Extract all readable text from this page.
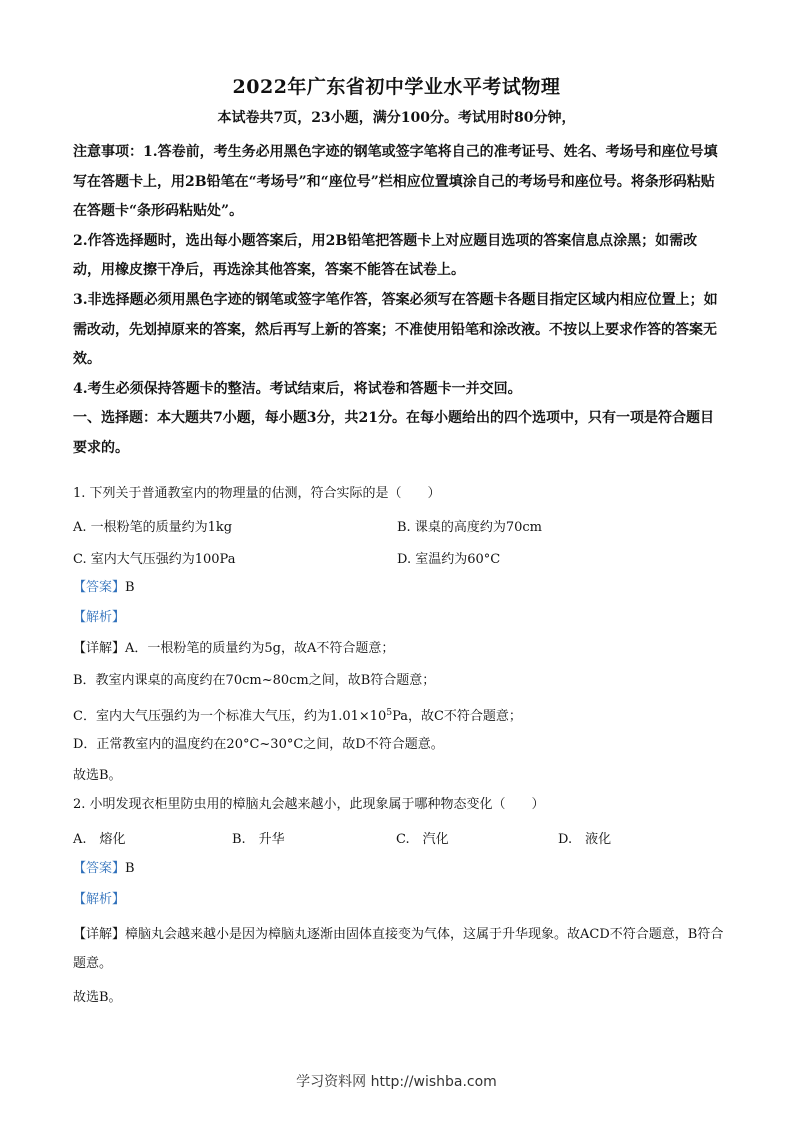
2022年广东省初中学业水平考试物理
本试卷共7页，23小题，满分100分。考试用时80分钟，

注意事项：1.答卷前，考生务必用黑色字迹的钢笔或签字笔将自己的准考证号、姓名、考场号和座位号填写在答题卡上，用2B铅笔在“考场号”和“座位号”栏相应位置填涂自己的考场号和座位号。将条形码粘贴在答题卡“条形码粘贴处”。

2.作答选择题时，选出每小题答案后，用2B铅笔把答题卡上对应题目选项的答案信息点涂黑；如需改动，用橡皮擦干净后，再选涂其他答案，答案不能答在试卷上。

3.非选择题必须用黑色字迹的钢笔或签字笔作答，答案必须写在答题卡各题目指定区域内相应位置上；如需改动，先划掉原来的答案，然后再写上新的答案；不准使用铅笔和涂改液。不按以上要求作答的答案无效。

4.考生必须保持答题卡的整洁。考试结束后，将试卷和答题卡一并交回。

一、选择题：本大题共7小题，每小题3分，共21分。在每小题给出的四个选项中，只有一项是符合题目要求的。

1. 下列关于普通教室内的物理量的估测，符合实际的是（　　）
A. 一根粉笔的质量约为1kg	B. 课桌的高度约为70cm
C. 室内大气压强约为100Pa	D. 室温约为60°C
【答案】B
【解析】
【详解】A．一根粉笔的质量约为5g，故A不符合题意；
B．教室内课桌的高度约在70cm~80cm之间，故B符合题意；
C．室内大气压强约为一个标准大气压，约为$1.01\times 10^5Pa$，故C不符合题意；
D．正常教室内的温度约在20°C~30°C之间，故D不符合题意。
故选B。
2. 小明发现衣柜里防虫用的樟脑丸会越来越小，此现象属于哪种物态变化（　　）
A.　熔化	B.　升华	C.　汽化	D.　液化
【答案】B
【解析】
【详解】樟脑丸会越来越小是因为樟脑丸逐渐由固体直接变为气体，这属于升华现象。故ACD不符合题意，B符合题意。
故选B。
学习资料网 http://wishba.com
